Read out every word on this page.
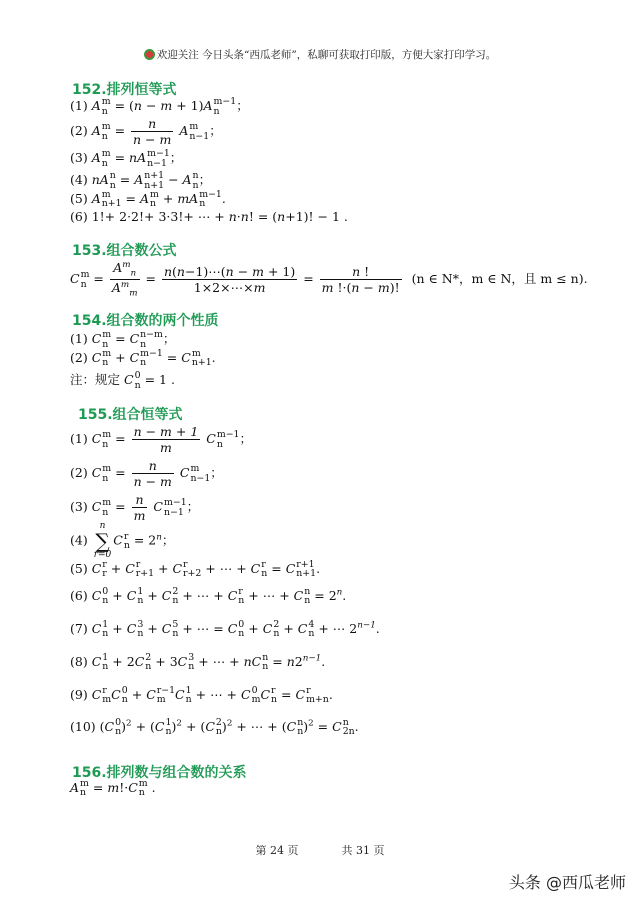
欢迎关注 今日头条“西瓜老师”，私聊可获取打印版，方便大家打印学习。
152.排列恒等式
(1) A m
n = (n − m + 1)A m−1
n	；
(2) A m
$n = \frac{n}{n - m}$ A m
n−1 ；
(3) A m
n = nA m−1
n−1 ；
(4) nA n
n = A n+1
n+1 − A n
n ；
(5) A m
n+1 = A m
n + mA m−1
n	.
(6) 1!+ 2·2!+ 3·3!+ ⋯ + n·n! = (n+1)! − 1 .
153.组合数公式
C m
$n = \frac{A^m_n}{A^m_m} = \frac{n(n-1)\cdots(n - m + 1)}{1\times 2\times\cdots\times m} = \frac{n !}{m !\cdot(n - m)!} (n$ ∈ N*，m ∈ N，且 m ≤ n).
154.组合数的两个性质
(1) C m
n = C n−m
n	；
(2) C m
n + C m−1
n	= C m
n+1 .
注：规定 C 0
n = 1 .
155.组合恒等式
(1) C m
$n = \frac{n - m + 1}{m}$ C m−1
n	；
(2) C m
$n = \frac{n}{n - m}$ C m
n−1 ；
(3) C m
$n = \frac{n}{m}$ C m−1
n−1 ；
(4)
n
∑
r=0
C r
$n = 2^n$；
(5) C r
r + C r
r+1 + C r
r+2 + ⋯ + C r
n = C r+1
n+1 .
(6) C 0
n + C 1
n + C 2
n + ⋯ + C r
n + ⋯ + C n
$n = 2^n$.
(7) C 1
n + C 3
n + C 5
n + ⋯ = C 0
n + C 2
n + C 4
n + ⋯ $2^{n-1}$.
(8) C 1
n + 2C 2
n + 3C 3
n + ⋯ + nC n
$n = n2^{n-1}$.
(9) C r
m C 0
n + C r−1
m C 1
n + ⋯ + C 0
m C r
n = C r
m+n .
(10) (C 0
n )$^2$ + (C 1
n )$^2$ + (C 2
n )$^2$ + ⋯ + (C n
n )$^2$ = C n
2n .
156.排列数与组合数的关系
A m
n = m!·C m
n .
第 24 页	共 31 页
头条 @西瓜老师
